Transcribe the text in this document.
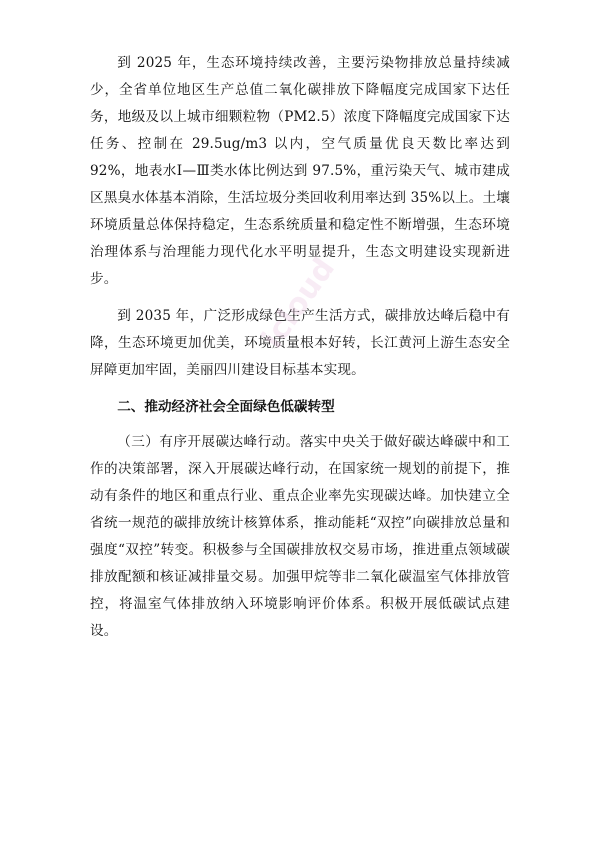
到 2025 年，生态环境持续改善，主要污染物排放总量持续减少，全省单位地区生产总值二氧化碳排放下降幅度完成国家下达任务，地级及以上城市细颗粒物（PM2.5）浓度下降幅度完成国家下达任务、控制在 29.5ug/m3 以内，空气质量优良天数比率达到 92%，地表水Ⅰ—Ⅲ类水体比例达到 97.5%，重污染天气、城市建成区黑臭水体基本消除，生活垃圾分类回收利用率达到 35%以上。土壤环境质量总体保持稳定，生态系统质量和稳定性不断增强，生态环境治理体系与治理能力现代化水平明显提升，生态文明建设实现新进步。

到 2035 年，广泛形成绿色生产生活方式，碳排放达峰后稳中有降，生态环境更加优美，环境质量根本好转，长江黄河上游生态安全屏障更加牢固，美丽四川建设目标基本实现。

二、推动经济社会全面绿色低碳转型

（三）有序开展碳达峰行动。落实中央关于做好碳达峰碳中和工作的决策部署，深入开展碳达峰行动，在国家统一规划的前提下，推动有条件的地区和重点行业、重点企业率先实现碳达峰。加快建立全省统一规范的碳排放统计核算体系，推动能耗“双控”向碳排放总量和强度“双控”转变。积极参与全国碳排放权交易市场，推进重点领域碳排放配额和核证减排量交易。加强甲烷等非二氧化碳温室气体排放管控，将温室气体排放纳入环境影响评价体系。积极开展低碳试点建设。

icloud
